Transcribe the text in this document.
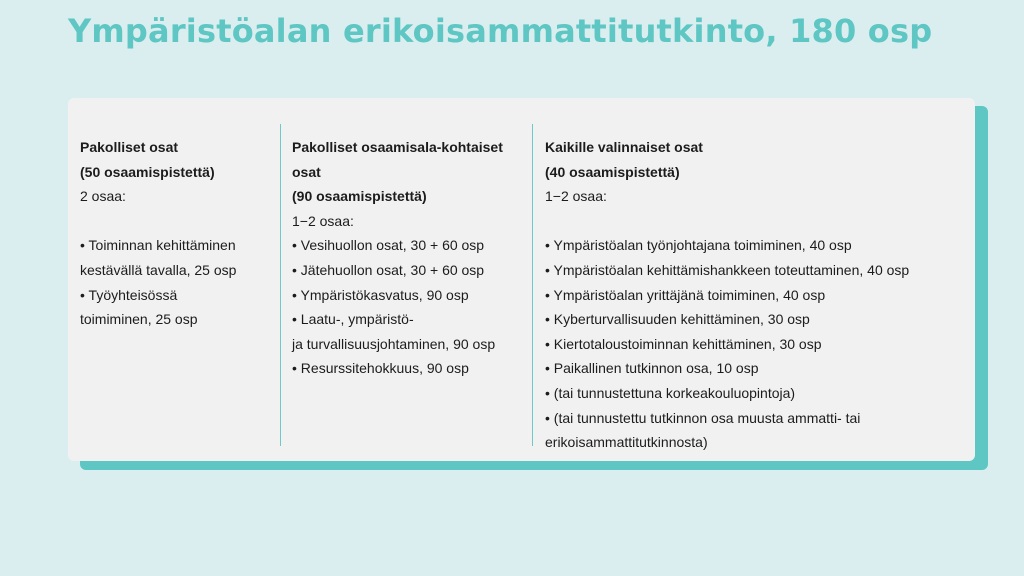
Ympäristöalan erikoisammattitutkinto, 180 osp
Pakolliset osat
(50 osaamispistettä)
2 osaa:
• Toiminnan kehittäminen
kestävällä tavalla, 25 osp
• Työyhteisössä
toimiminen, 25 osp
Pakolliset osaamisala-kohtaiset
osat
(90 osaamispistettä)
1−2 osaa:
• Vesihuollon osat, 30 + 60 osp
• Jätehuollon osat, 30 + 60 osp
• Ympäristökasvatus, 90 osp
• Laatu-, ympäristö-
ja turvallisuusjohtaminen, 90 osp
• Resurssitehokkuus, 90 osp
Kaikille valinnaiset osat
(40 osaamispistettä)
1−2 osaa:
• Ympäristöalan työnjohtajana toimiminen, 40 osp
• Ympäristöalan kehittämishankkeen toteuttaminen, 40 osp
• Ympäristöalan yrittäjänä toimiminen, 40 osp
• Kyberturvallisuuden kehittäminen, 30 osp
• Kiertotaloustoiminnan kehittäminen, 30 osp
• Paikallinen tutkinnon osa, 10 osp
• (tai tunnustettuna korkeakouluopintoja)
• (tai tunnustettu tutkinnon osa muusta ammatti- tai
erikoisammattitutkinnosta)
